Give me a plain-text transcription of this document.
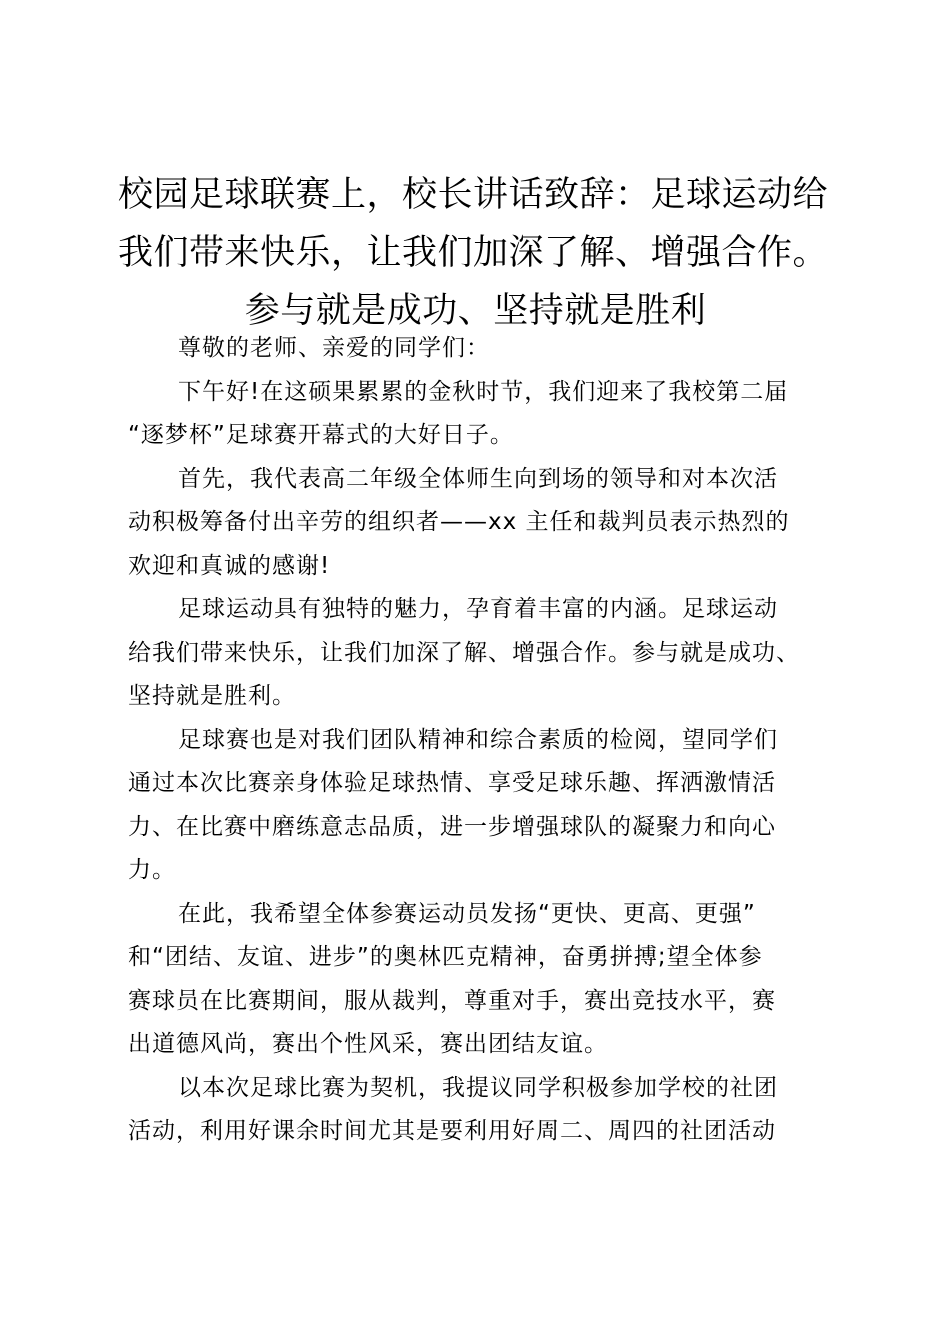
校园足球联赛上，校长讲话致辞：足球运动给
我们带来快乐，让我们加深了解、增强合作。
参与就是成功、坚持就是胜利

尊敬的老师、亲爱的同学们：

下午好!在这硕果累累的金秋时节，我们迎来了我校第二届
“逐梦杯”足球赛开幕式的大好日子。

首先，我代表高二年级全体师生向到场的领导和对本次活
动积极筹备付出辛劳的组织者——xx 主任和裁判员表示热烈的
欢迎和真诚的感谢!

足球运动具有独特的魅力，孕育着丰富的内涵。足球运动
给我们带来快乐，让我们加深了解、增强合作。参与就是成功、
坚持就是胜利。

足球赛也是对我们团队精神和综合素质的检阅，望同学们
通过本次比赛亲身体验足球热情、享受足球乐趣、挥洒激情活
力、在比赛中磨练意志品质，进一步增强球队的凝聚力和向心
力。

在此，我希望全体参赛运动员发扬“更快、更高、更强”
和“团结、友谊、进步”的奥林匹克精神，奋勇拼搏;望全体参
赛球员在比赛期间，服从裁判，尊重对手，赛出竞技水平，赛
出道德风尚，赛出个性风采，赛出团结友谊。

以本次足球比赛为契机，我提议同学积极参加学校的社团
活动，利用好课余时间尤其是要利用好周二、周四的社团活动
